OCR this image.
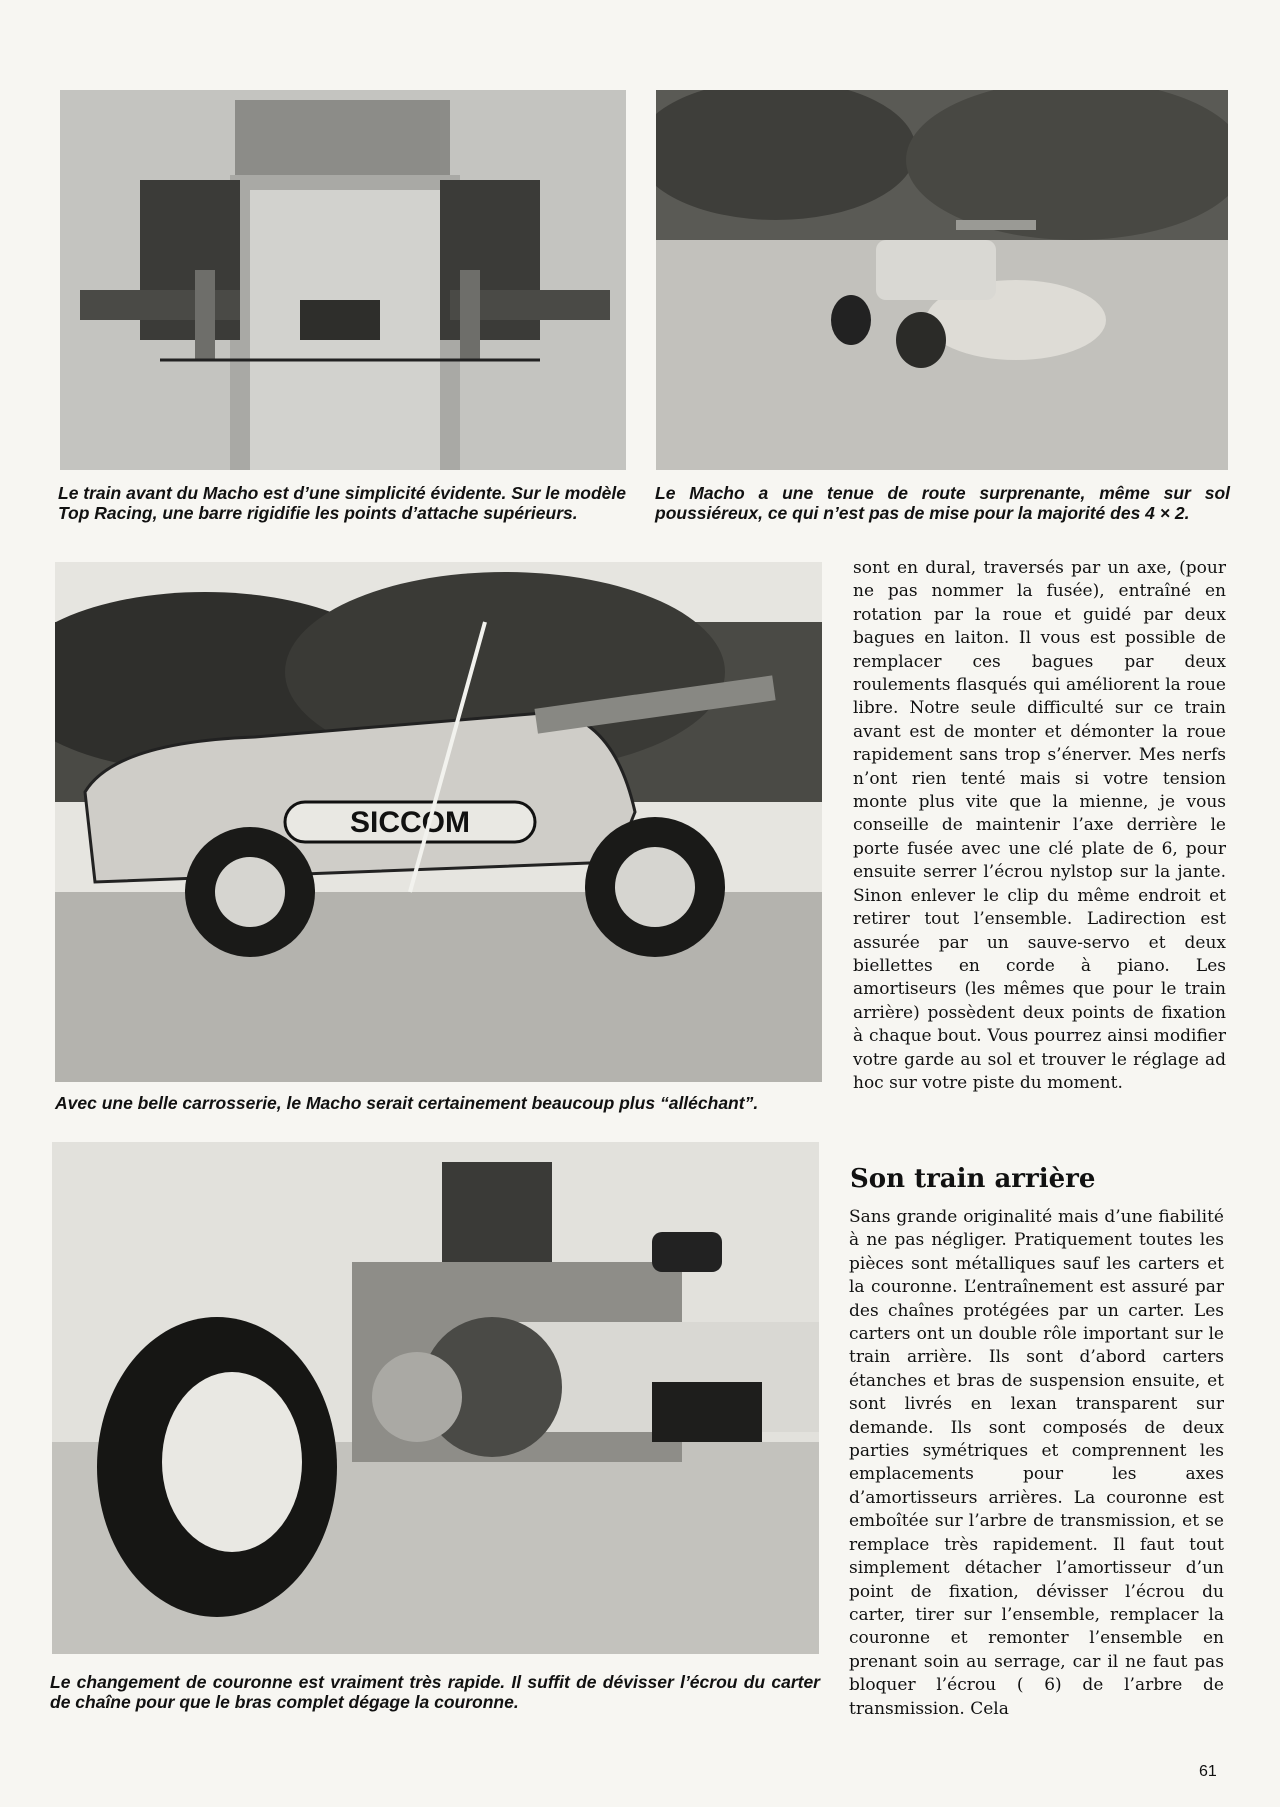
Le train avant du Macho est d’une simplicité évidente. Sur le modèle Top Racing, une barre rigidifie les points d’attache supérieurs.

Le Macho a une tenue de route surprenante, même sur sol poussiéreux, ce qui n’est pas de mise pour la majorité des 4 × 2.

SICCOM

Avec une belle carrosserie, le Macho serait certainement beaucoup plus “alléchant”.

sont en dural, traversés par un axe, (pour ne pas nommer la fusée), entraîné en rotation par la roue et guidé par deux bagues en laiton. Il vous est possible de remplacer ces bagues par deux roulements flasqués qui améliorent la roue libre. Notre seule difficulté sur ce train avant est de monter et démonter la roue rapidement sans trop s’énerver. Mes nerfs n’ont rien tenté mais si votre tension monte plus vite que la mienne, je vous conseille de maintenir l’axe derrière le porte fusée avec une clé plate de 6, pour ensuite serrer l’écrou nylstop sur la jante. Sinon enlever le clip du même endroit et retirer tout l’ensemble. Ladirection est assurée par un sauve-servo et deux biellettes en corde à piano. Les amortiseurs (les mêmes que pour le train arrière) possèdent deux points de fixation à chaque bout. Vous pourrez ainsi modifier votre garde au sol et trouver le réglage ad hoc sur votre piste du moment.

Le changement de couronne est vraiment très rapide. Il suffit de dévisser l’écrou du carter de chaîne pour que le bras complet dégage la couronne.

Son train arrière

Sans grande originalité mais d’une fiabilité à ne pas négliger. Pratiquement toutes les pièces sont métalliques sauf les carters et la couronne. L’entraînement est assuré par des chaînes protégées par un carter. Les carters ont un double rôle important sur le train arrière. Ils sont d’abord carters étanches et bras de suspension ensuite, et sont livrés en lexan transparent sur demande. Ils sont composés de deux parties symétriques et comprennent les emplacements pour les axes d’amortisseurs arrières. La couronne est emboîtée sur l’arbre de transmission, et se remplace très rapidement. Il faut tout simplement détacher l’amortisseur d’un point de fixation, dévisser l’écrou du carter, tirer sur l’ensemble, remplacer la couronne et remonter l’ensemble en prenant soin au serrage, car il ne faut pas bloquer l’écrou ( 6) de l’arbre de transmission. Cela

61
